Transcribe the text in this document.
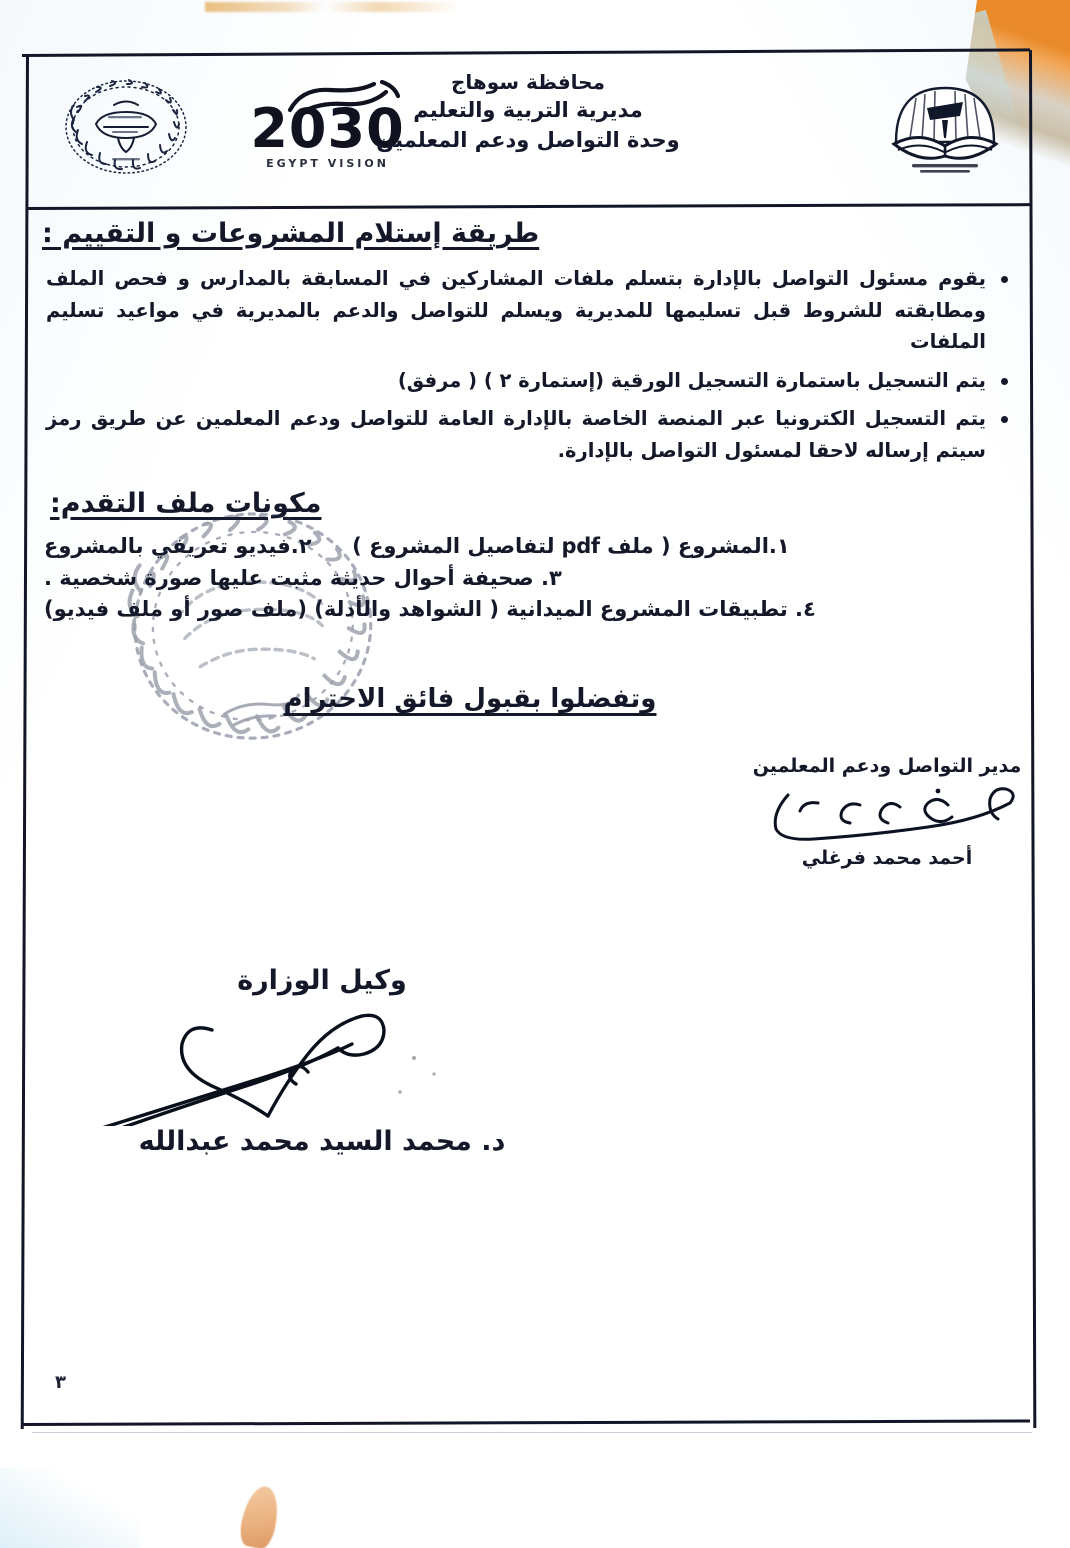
2030
EGYPT VISION
محافظة سوهاج
مديرية التربية والتعليم
وحدة التواصل ودعم المعلمين
طريقة إستلام المشروعات و التقييم :
يقوم مسئول التواصل بالإدارة بتسلم ملفات المشاركين في المسابقة بالمدارس و فحص الملف ومطابقته للشروط قبل تسليمها للمديرية ويسلم للتواصل والدعم بالمديرية في مواعيد تسليم الملفات
يتم التسجيل باستمارة التسجيل الورقية (إستمارة ٢ ) ( مرفق)
يتم التسجيل الكترونيا عبر المنصة الخاصة بالإدارة العامة للتواصل ودعم المعلمين عن طريق رمز سيتم إرساله لاحقا لمسئول التواصل بالإدارة.
مكونات ملف التقدم:
١.المشروع ( ملف pdf لتفاصيل المشروع )  ٢.فيديو تعريفي بالمشروع
٣. صحيفة أحوال حديثة مثبت عليها صورة شخصية .
٤. تطبيقات المشروع الميدانية ( الشواهد والأدلة) (ملف صور أو ملف فيديو)
وتفضلوا بقبول فائق الاحترام
مدير التواصل ودعم المعلمين
أحمد محمد فرغلي
وكيل الوزارة
د. محمد السيد محمد عبدالله
٣
